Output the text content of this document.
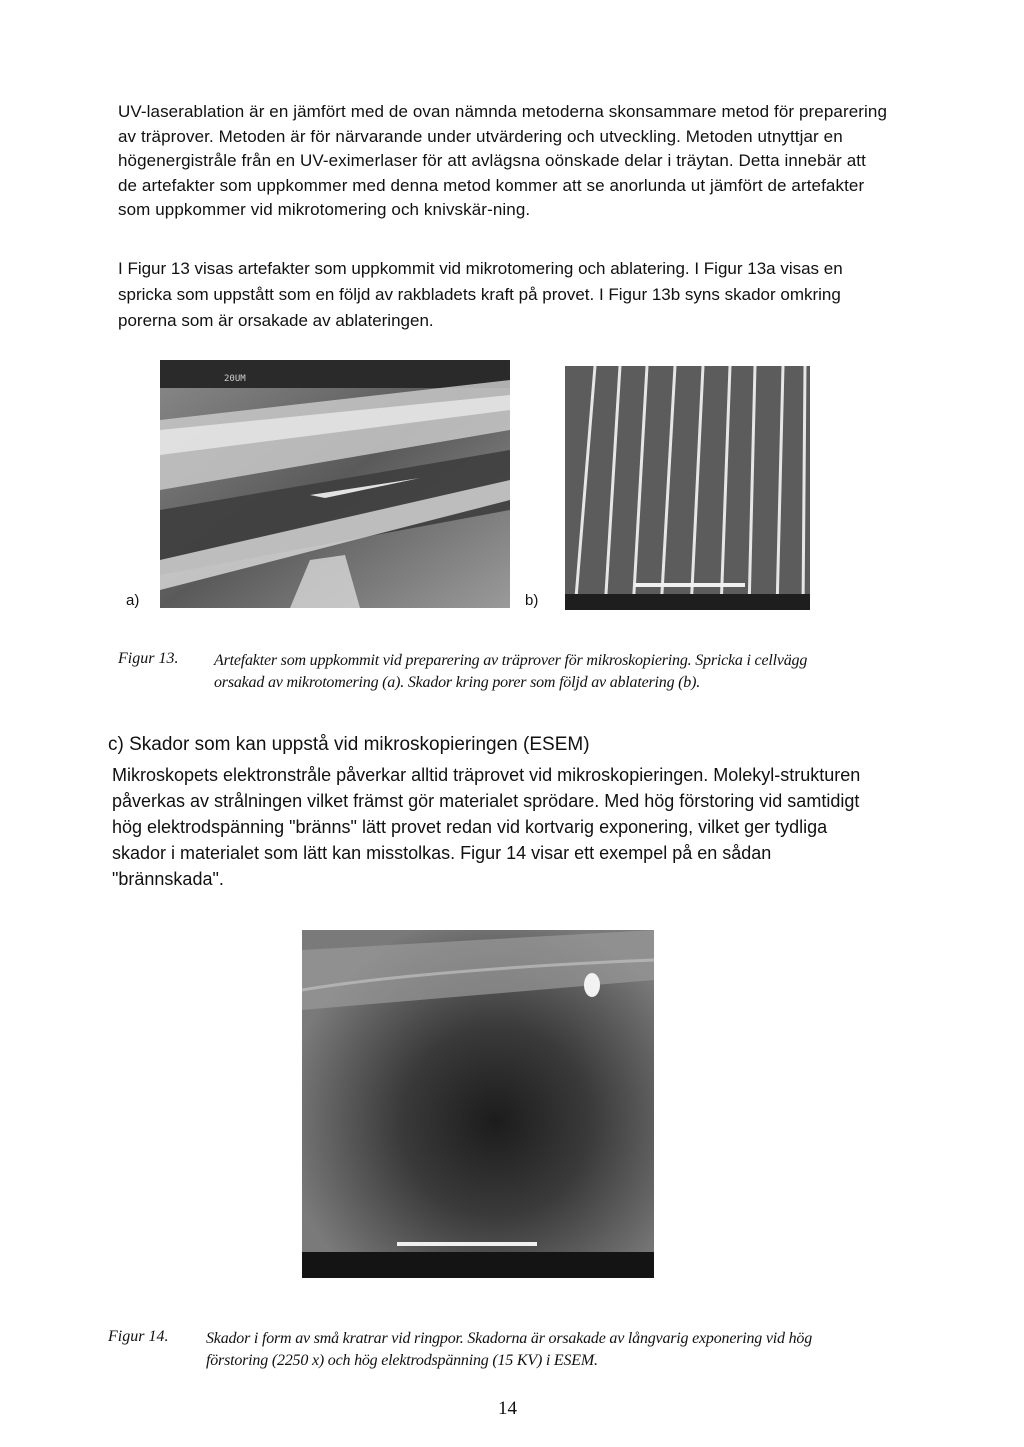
UV-laserablation är en jämfört med de ovan nämnda metoderna skonsammare metod för preparering av träprover. Metoden är för närvarande under utvärdering och utveckling. Metoden utnyttjar en högenergistråle från en UV-eximerlaser för att avlägsna oönskade delar i träytan. Detta innebär att de artefakter som uppkommer med denna metod kommer att se anorlunda ut jämfört de artefakter som uppkommer vid mikrotomering och knivskär-ning.
I Figur 13 visas artefakter som uppkommit vid mikrotomering och ablatering. I Figur 13a visas en spricka som uppstått som en följd av rakbladets kraft på provet. I Figur 13b syns skador omkring porerna som är orsakade av ablateringen.
20UM
a)	b)
Figur 13. Artefakter som uppkommit vid preparering av träprover för mikroskopiering. Spricka i cellvägg orsakad av mikrotomering (a). Skador kring porer som följd av ablatering (b).
c) Skador som kan uppstå vid mikroskopieringen (ESEM)
Mikroskopets elektronstråle påverkar alltid träprovet vid mikroskopieringen. Molekyl-strukturen påverkas av strålningen vilket främst gör materialet sprödare. Med hög förstoring vid samtidigt hög elektrodspänning "bränns" lätt provet redan vid kortvarig exponering, vilket ger tydliga skador i materialet som lätt kan misstolkas. Figur 14 visar ett exempel på en sådan "brännskada".
Figur 14. Skador i form av små kratrar vid ringpor. Skadorna är orsakade av långvarig exponering vid hög förstoring (2250 x) och hög elektrodspänning (15 KV) i ESEM.
14
